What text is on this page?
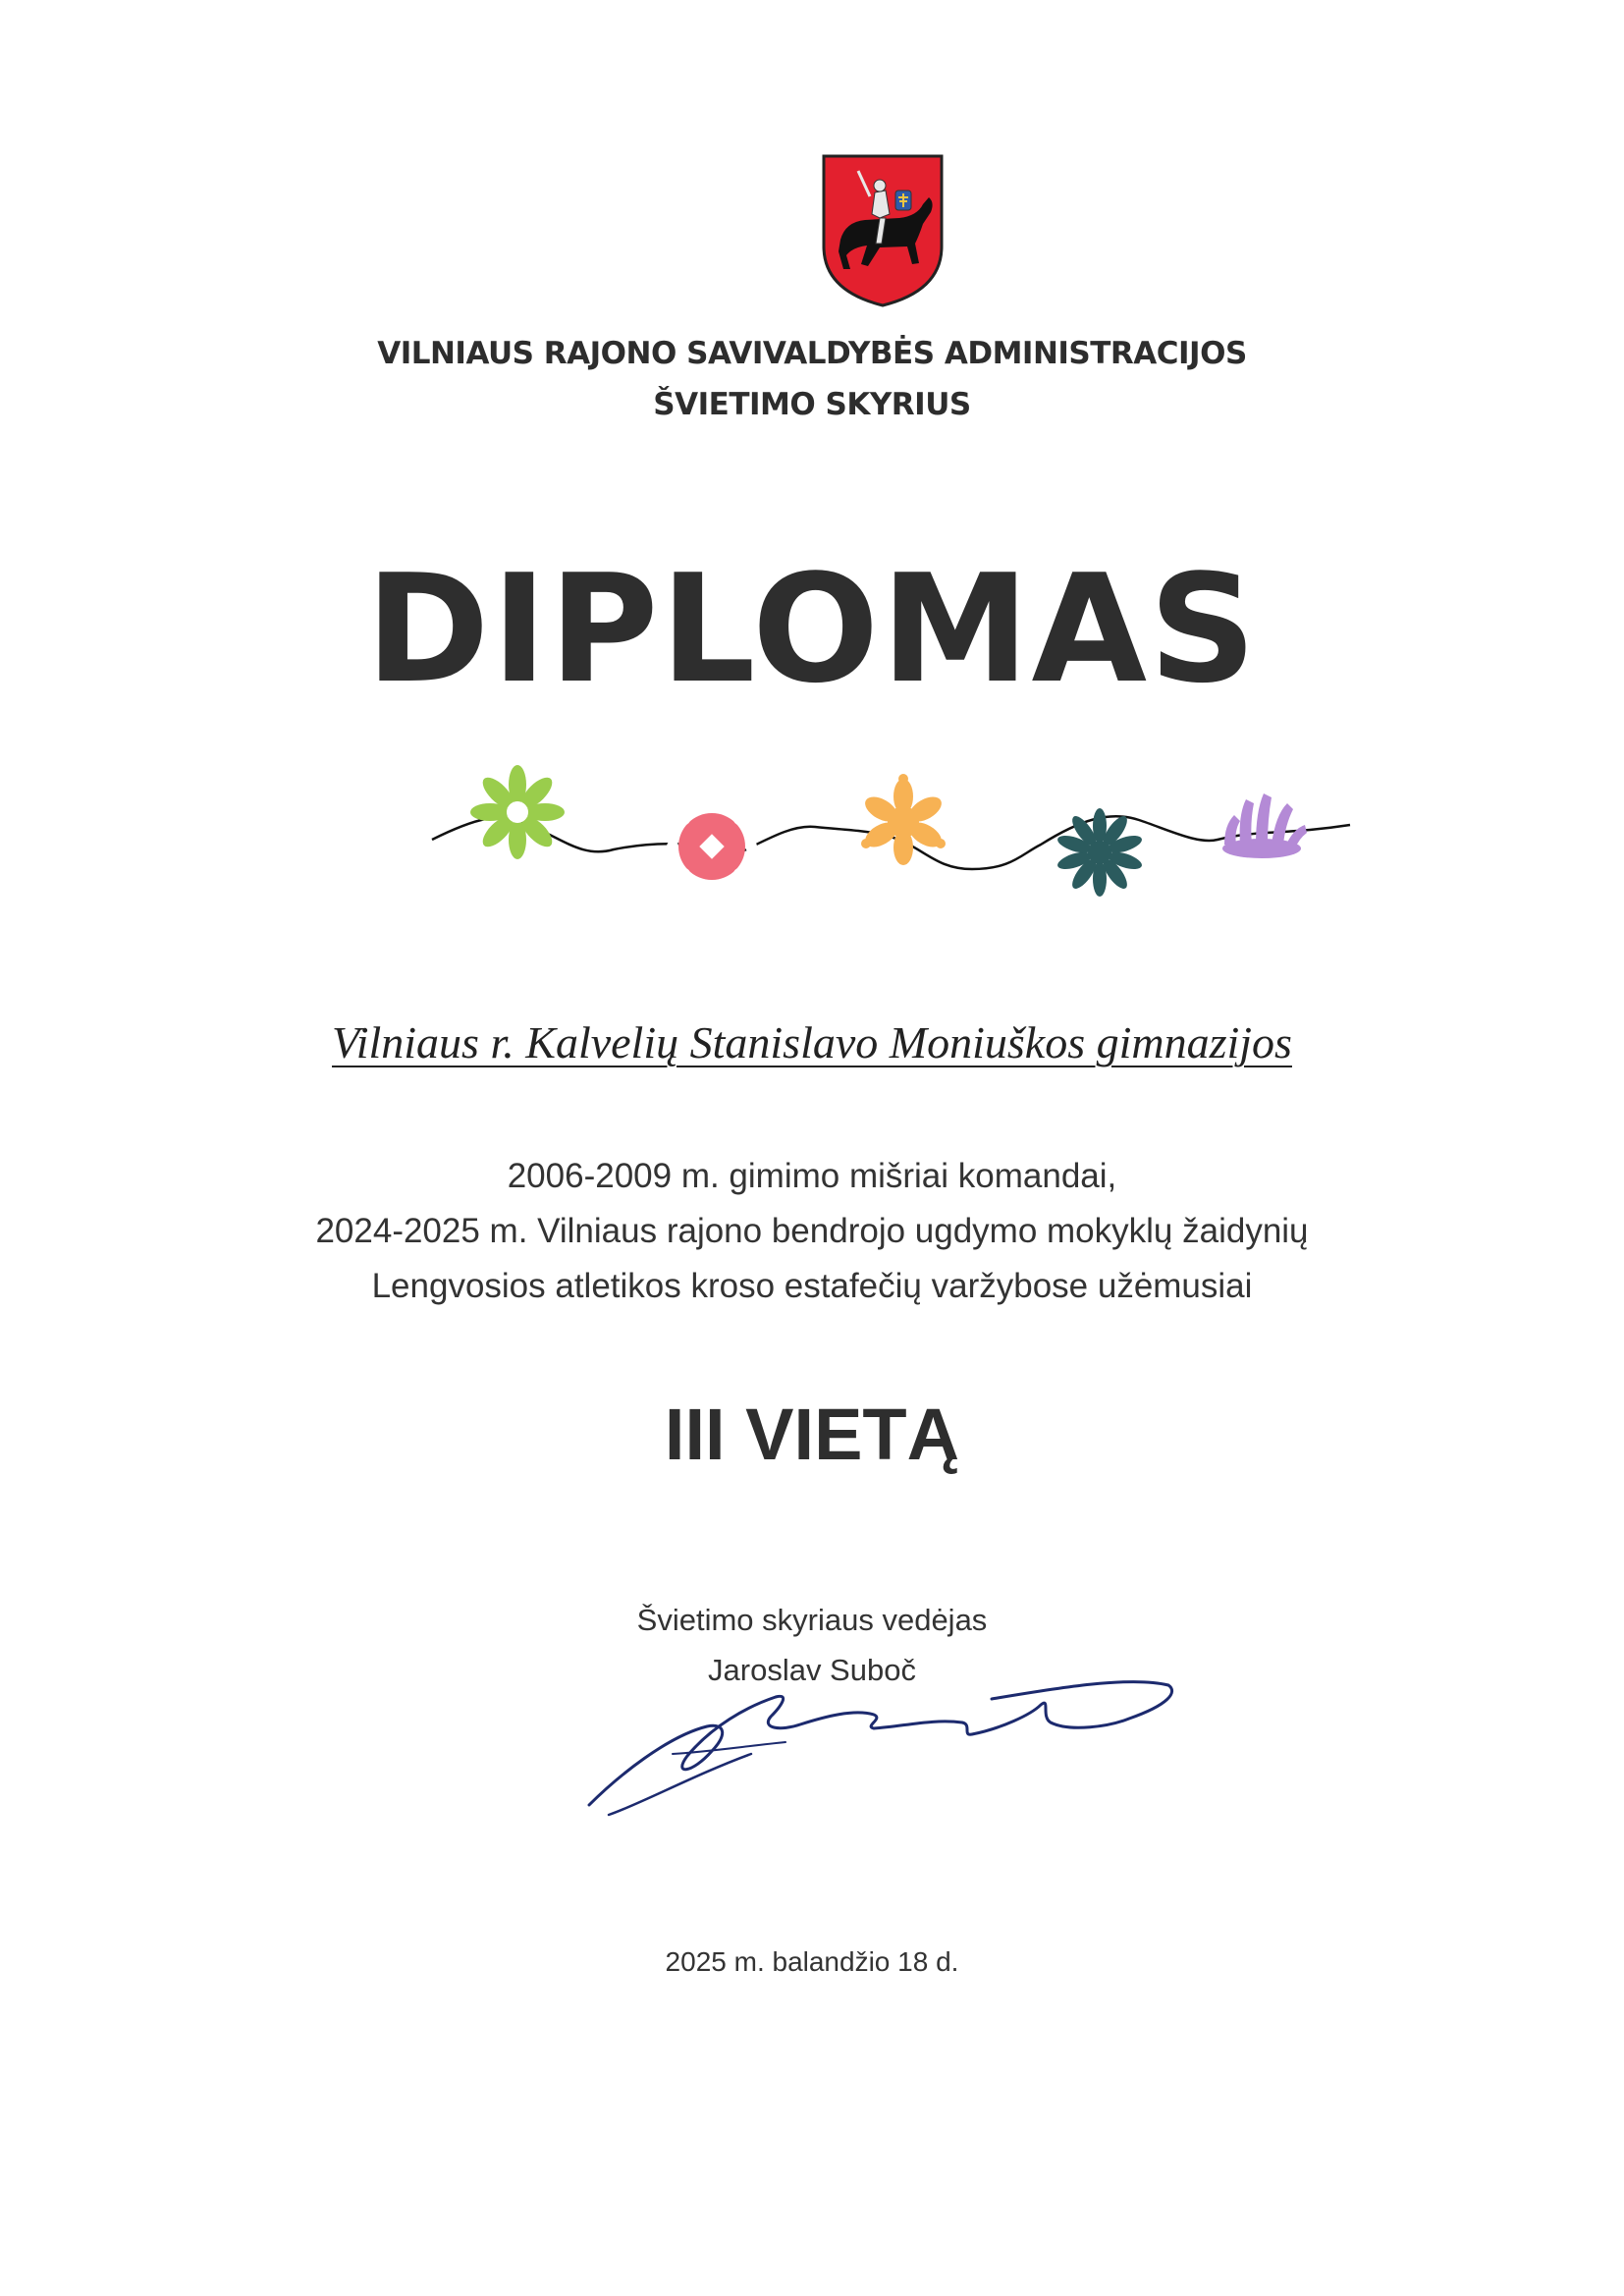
VILNIAUS RAJONO SAVIVALDYBĖS ADMINISTRACIJOS
ŠVIETIMO SKYRIUS
DIPLOMAS
Vilniaus r. Kalvelių Stanislavo Moniuškos gimnazijos
2006-2009 m. gimimo mišriai komandai,
2024-2025 m. Vilniaus rajono bendrojo ugdymo mokyklų žaidynių
Lengvosios atletikos kroso estafečių varžybose užėmusiai
III VIETĄ
Švietimo skyriaus vedėjas
Jaroslav Suboč
2025 m. balandžio 18 d.
